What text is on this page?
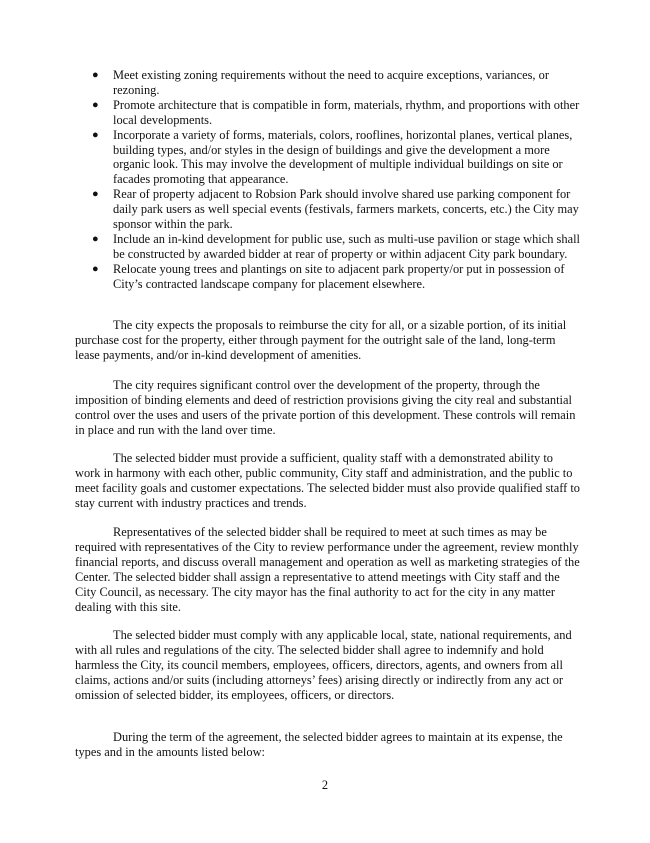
● Meet existing zoning requirements without the need to acquire exceptions, variances, or rezoning.
● Promote architecture that is compatible in form, materials, rhythm, and proportions with other local developments.
● Incorporate a variety of forms, materials, colors, rooflines, horizontal planes, vertical planes, building types, and/or styles in the design of buildings and give the development a more organic look. This may involve the development of multiple individual buildings on site or facades promoting that appearance.
● Rear of property adjacent to Robsion Park should involve shared use parking component for daily park users as well special events (festivals, farmers markets, concerts, etc.) the City may sponsor within the park.
● Include an in-kind development for public use, such as multi-use pavilion or stage which shall be constructed by awarded bidder at rear of property or within adjacent City park boundary.
● Relocate young trees and plantings on site to adjacent park property/or put in possession of City’s contracted landscape company for placement elsewhere.

The city expects the proposals to reimburse the city for all, or a sizable portion, of its initial purchase cost for the property, either through payment for the outright sale of the land, long-term lease payments, and/or in-kind development of amenities.

The city requires significant control over the development of the property, through the imposition of binding elements and deed of restriction provisions giving the city real and substantial control over the uses and users of the private portion of this development. These controls will remain in place and run with the land over time.

The selected bidder must provide a sufficient, quality staff with a demonstrated ability to work in harmony with each other, public community, City staff and administration, and the public to meet facility goals and customer expectations. The selected bidder must also provide qualified staff to stay current with industry practices and trends.

Representatives of the selected bidder shall be required to meet at such times as may be required with representatives of the City to review performance under the agreement, review monthly financial reports, and discuss overall management and operation as well as marketing strategies of the Center. The selected bidder shall assign a representative to attend meetings with City staff and the City Council, as necessary. The city mayor has the final authority to act for the city in any matter dealing with this site.

The selected bidder must comply with any applicable local, state, national requirements, and with all rules and regulations of the city. The selected bidder shall agree to indemnify and hold harmless the City, its council members, employees, officers, directors, agents, and owners from all claims, actions and/or suits (including attorneys’ fees) arising directly or indirectly from any act or omission of selected bidder, its employees, officers, or directors.

During the term of the agreement, the selected bidder agrees to maintain at its expense, the types and in the amounts listed below:

2
